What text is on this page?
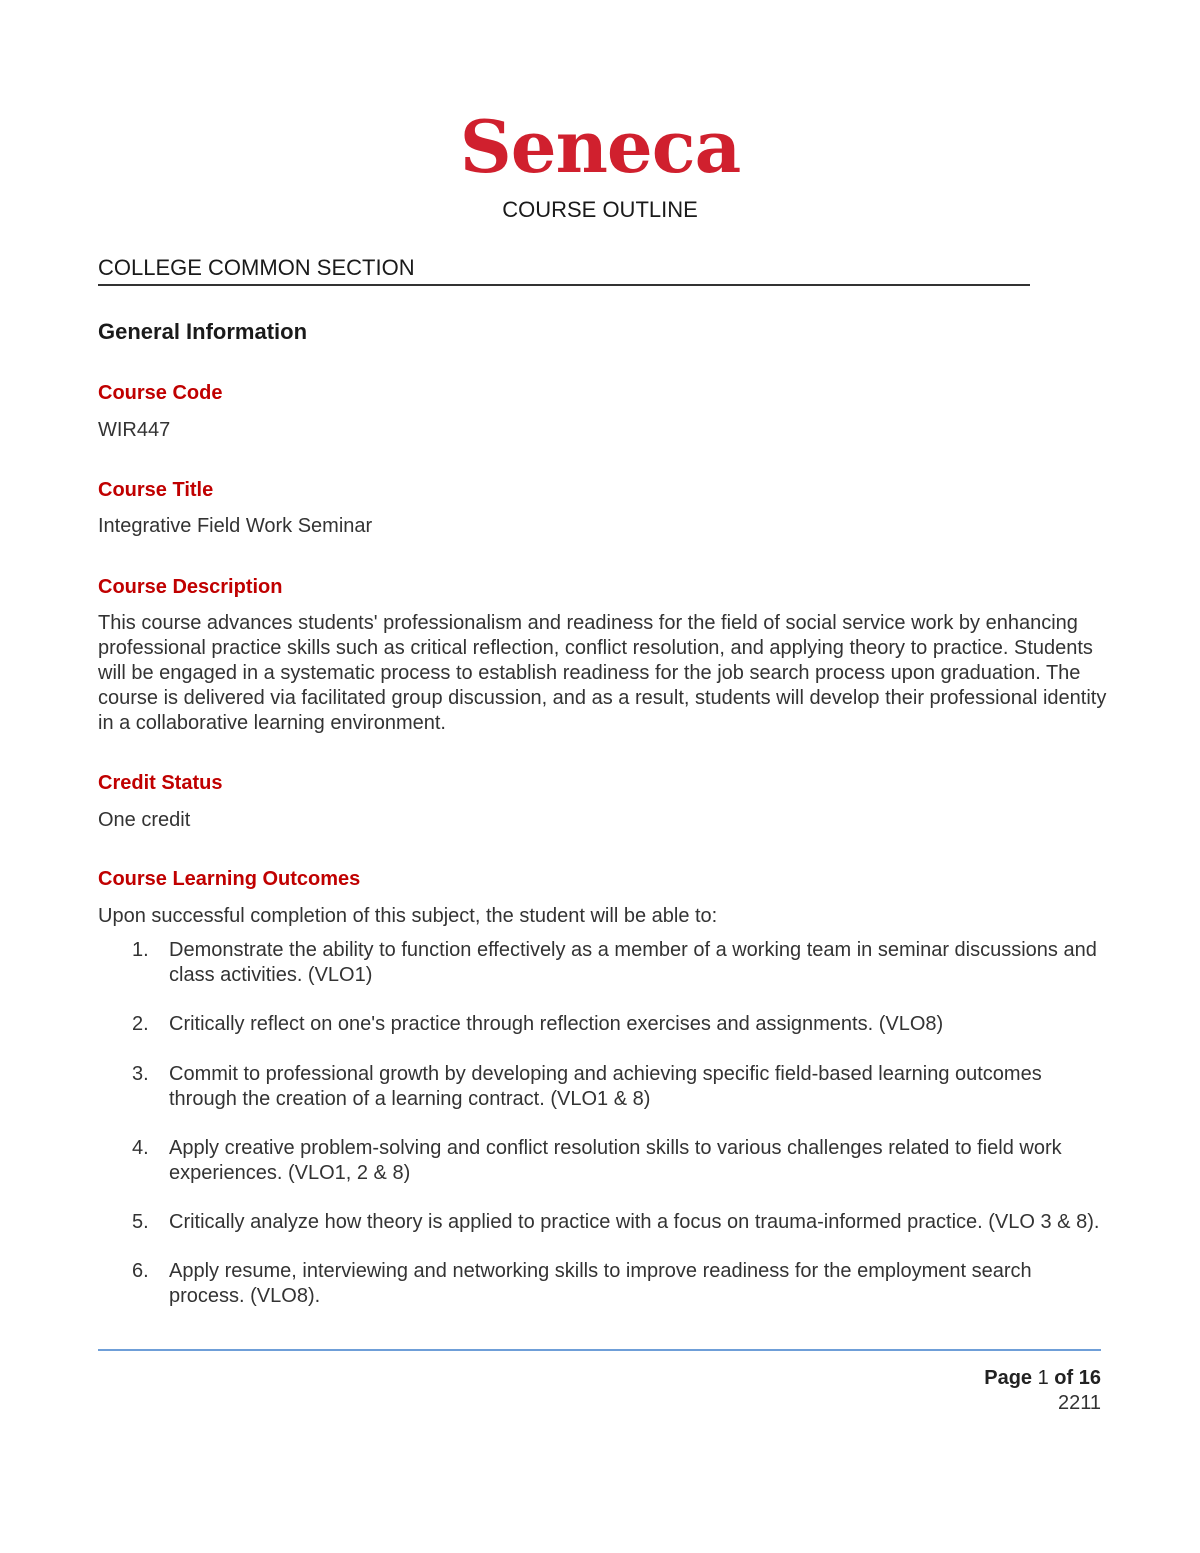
Seneca
COURSE OUTLINE
COLLEGE COMMON SECTION
General Information
Course Code
WIR447
Course Title
Integrative Field Work Seminar
Course Description
This course advances students' professionalism and readiness for the field of social service work by enhancing professional practice skills such as critical reflection, conflict resolution, and applying theory to practice. Students will be engaged in a systematic process to establish readiness for the job search process upon graduation. The course is delivered via facilitated group discussion, and as a result, students will develop their professional identity in a collaborative learning environment.
Credit Status
One credit
Course Learning Outcomes
Upon successful completion of this subject, the student will be able to:
1. Demonstrate the ability to function effectively as a member of a working team in seminar discussions and class activities. (VLO1)
2. Critically reflect on one's practice through reflection exercises and assignments. (VLO8)
3. Commit to professional growth by developing and achieving specific field-based learning outcomes through the creation of a learning contract. (VLO1 & 8)
4. Apply creative problem-solving and conflict resolution skills to various challenges related to field work experiences. (VLO1, 2 & 8)
5. Critically analyze how theory is applied to practice with a focus on trauma-informed practice. (VLO 3 & 8).
6. Apply resume, interviewing and networking skills to improve readiness for the employment search process. (VLO8).
Page 1 of 16
2211
